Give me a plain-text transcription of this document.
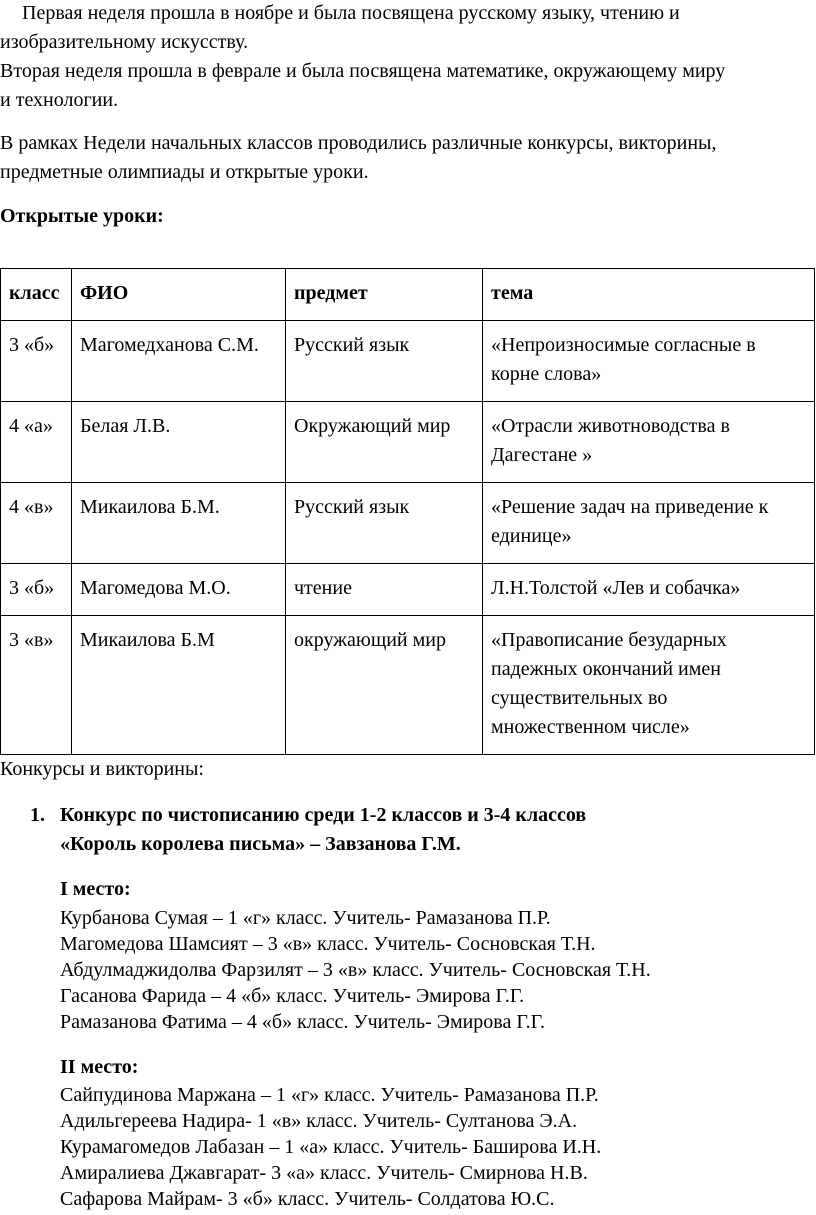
Первая неделя прошла в ноябре и была посвящена русскому языку, чтению и
изобразительному искусству.
Вторая неделя прошла в феврале и была посвящена математике, окружающему миру
и технологии.
В рамках Недели начальных классов проводились различные конкурсы, викторины,
предметные олимпиады и открытые уроки.
Открытые уроки:
класс	ФИО	предмет	тема
3 «б»	Магомедханова С.М.	Русский язык	«Непроизносимые согласные в корне слова»
4 «а»	Белая Л.В.	Окружающий мир	«Отрасли животноводства в Дагестане »
4 «в»	Микаилова Б.М.	Русский язык	«Решение задач на приведение к единице»
3 «б»	Магомедова М.О.	чтение	Л.Н.Толстой «Лев и собачка»
3 «в»	Микаилова Б.М	окружающий мир	«Правописание безударных падежных окончаний имен существительных во множественном числе»
Конкурсы и викторины:
1. Конкурс по чистописанию среди 1-2 классов и 3-4 классов
«Король королева письма» – Завзанова Г.М.
I место:
Курбанова Сумая – 1 «г» класс. Учитель- Рамазанова П.Р.
Магомедова Шамсият – 3 «в» класс. Учитель- Сосновская Т.Н.
Абдулмаджидолва Фарзилят – 3 «в» класс. Учитель- Сосновская Т.Н.
Гасанова Фарида – 4 «б» класс. Учитель- Эмирова Г.Г.
Рамазанова Фатима – 4 «б» класс. Учитель- Эмирова Г.Г.
II место:
Сайпудинова Маржана – 1 «г» класс. Учитель- Рамазанова П.Р.
Адильгереева Надира- 1 «в» класс. Учитель- Султанова Э.А.
Курамагомедов Лабазан – 1 «а» класс. Учитель- Баширова И.Н.
Амиралиева Джавгарат- 3 «а» класс. Учитель- Смирнова Н.В.
Сафарова Майрам- 3 «б» класс. Учитель- Солдатова Ю.С.
